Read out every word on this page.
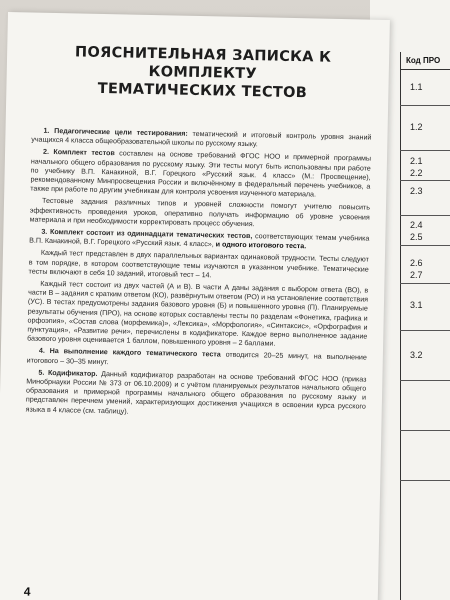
Код ПРО
1.1
1.2
2.1
2.2
2.3
2.4
2.5
2.6
2.7
3.1
3.2
ПОЯСНИТЕЛЬНАЯ ЗАПИСКА К КОМПЛЕКТУ
ТЕМАТИЧЕСКИХ ТЕСТОВ

1. Педагогические цели тестирования: тематический и итоговый контроль уровня знаний учащихся 4 класса общеобразовательной школы по русскому языку.

2. Комплект тестов составлен на основе требований ФГОС НОО и примерной программы начального общего образования по русскому языку. Эти тесты могут быть использованы при работе по учебнику В.П. Канакиной, В.Г. Горецкого «Русский язык. 4 класс» (М.: Просвещение), рекомендованному Минпросвещения России и включённому в федеральный перечень учебников, а также при работе по другим учебникам для контроля усвоения изученного материала.

Тестовые задания различных типов и уровней сложности помогут учителю повысить эффективность проведения уроков, оперативно получать информацию об уровне усвоения материала и при необходимости корректировать процесс обучения.

3. Комплект состоит из одиннадцати тематических тестов, соответствующих темам учебника В.П. Канакиной, В.Г. Горецкого «Русский язык. 4 класс», и одного итогового теста.

Каждый тест представлен в двух параллельных вариантах одинаковой трудности. Тесты следуют в том порядке, в котором соответствующие темы изучаются в указанном учебнике. Тематические тесты включают в себя 10 заданий, итоговый тест – 14.

Каждый тест состоит из двух частей (А и В). В части А даны задания с выбором ответа (ВО), в части В – задания с кратким ответом (КО), развёрнутым ответом (РО) и на установление соответствия (УС). В тестах предусмотрены задания базового уровня (Б) и повышенного уровня (П). Планируемые результаты обучения (ПРО), на основе которых составлены тесты по разделам «Фонетика, графика и орфоэпия», «Состав слова (морфемика)», «Лексика», «Морфология», «Синтаксис», «Орфография и пунктуация», «Развитие речи», перечислены в кодификаторе. Каждое верно выполненное задание базового уровня оценивается 1 баллом, повышенного уровня – 2 баллами.

4. На выполнение каждого тематического теста отводится 20–25 минут, на выполнение итогового – 30–35 минут.

5. Кодификатор. Данный кодификатор разработан на основе требований ФГОС НОО (приказ Минобрнауки России № 373 от 06.10.2009) и с учётом планируемых результатов начального общего образования и примерной программы начального общего образования по русскому языку и представлен перечнем умений, характеризующих достижения учащихся в освоении курса русского языка в 4 классе (см. таблицу).

4
